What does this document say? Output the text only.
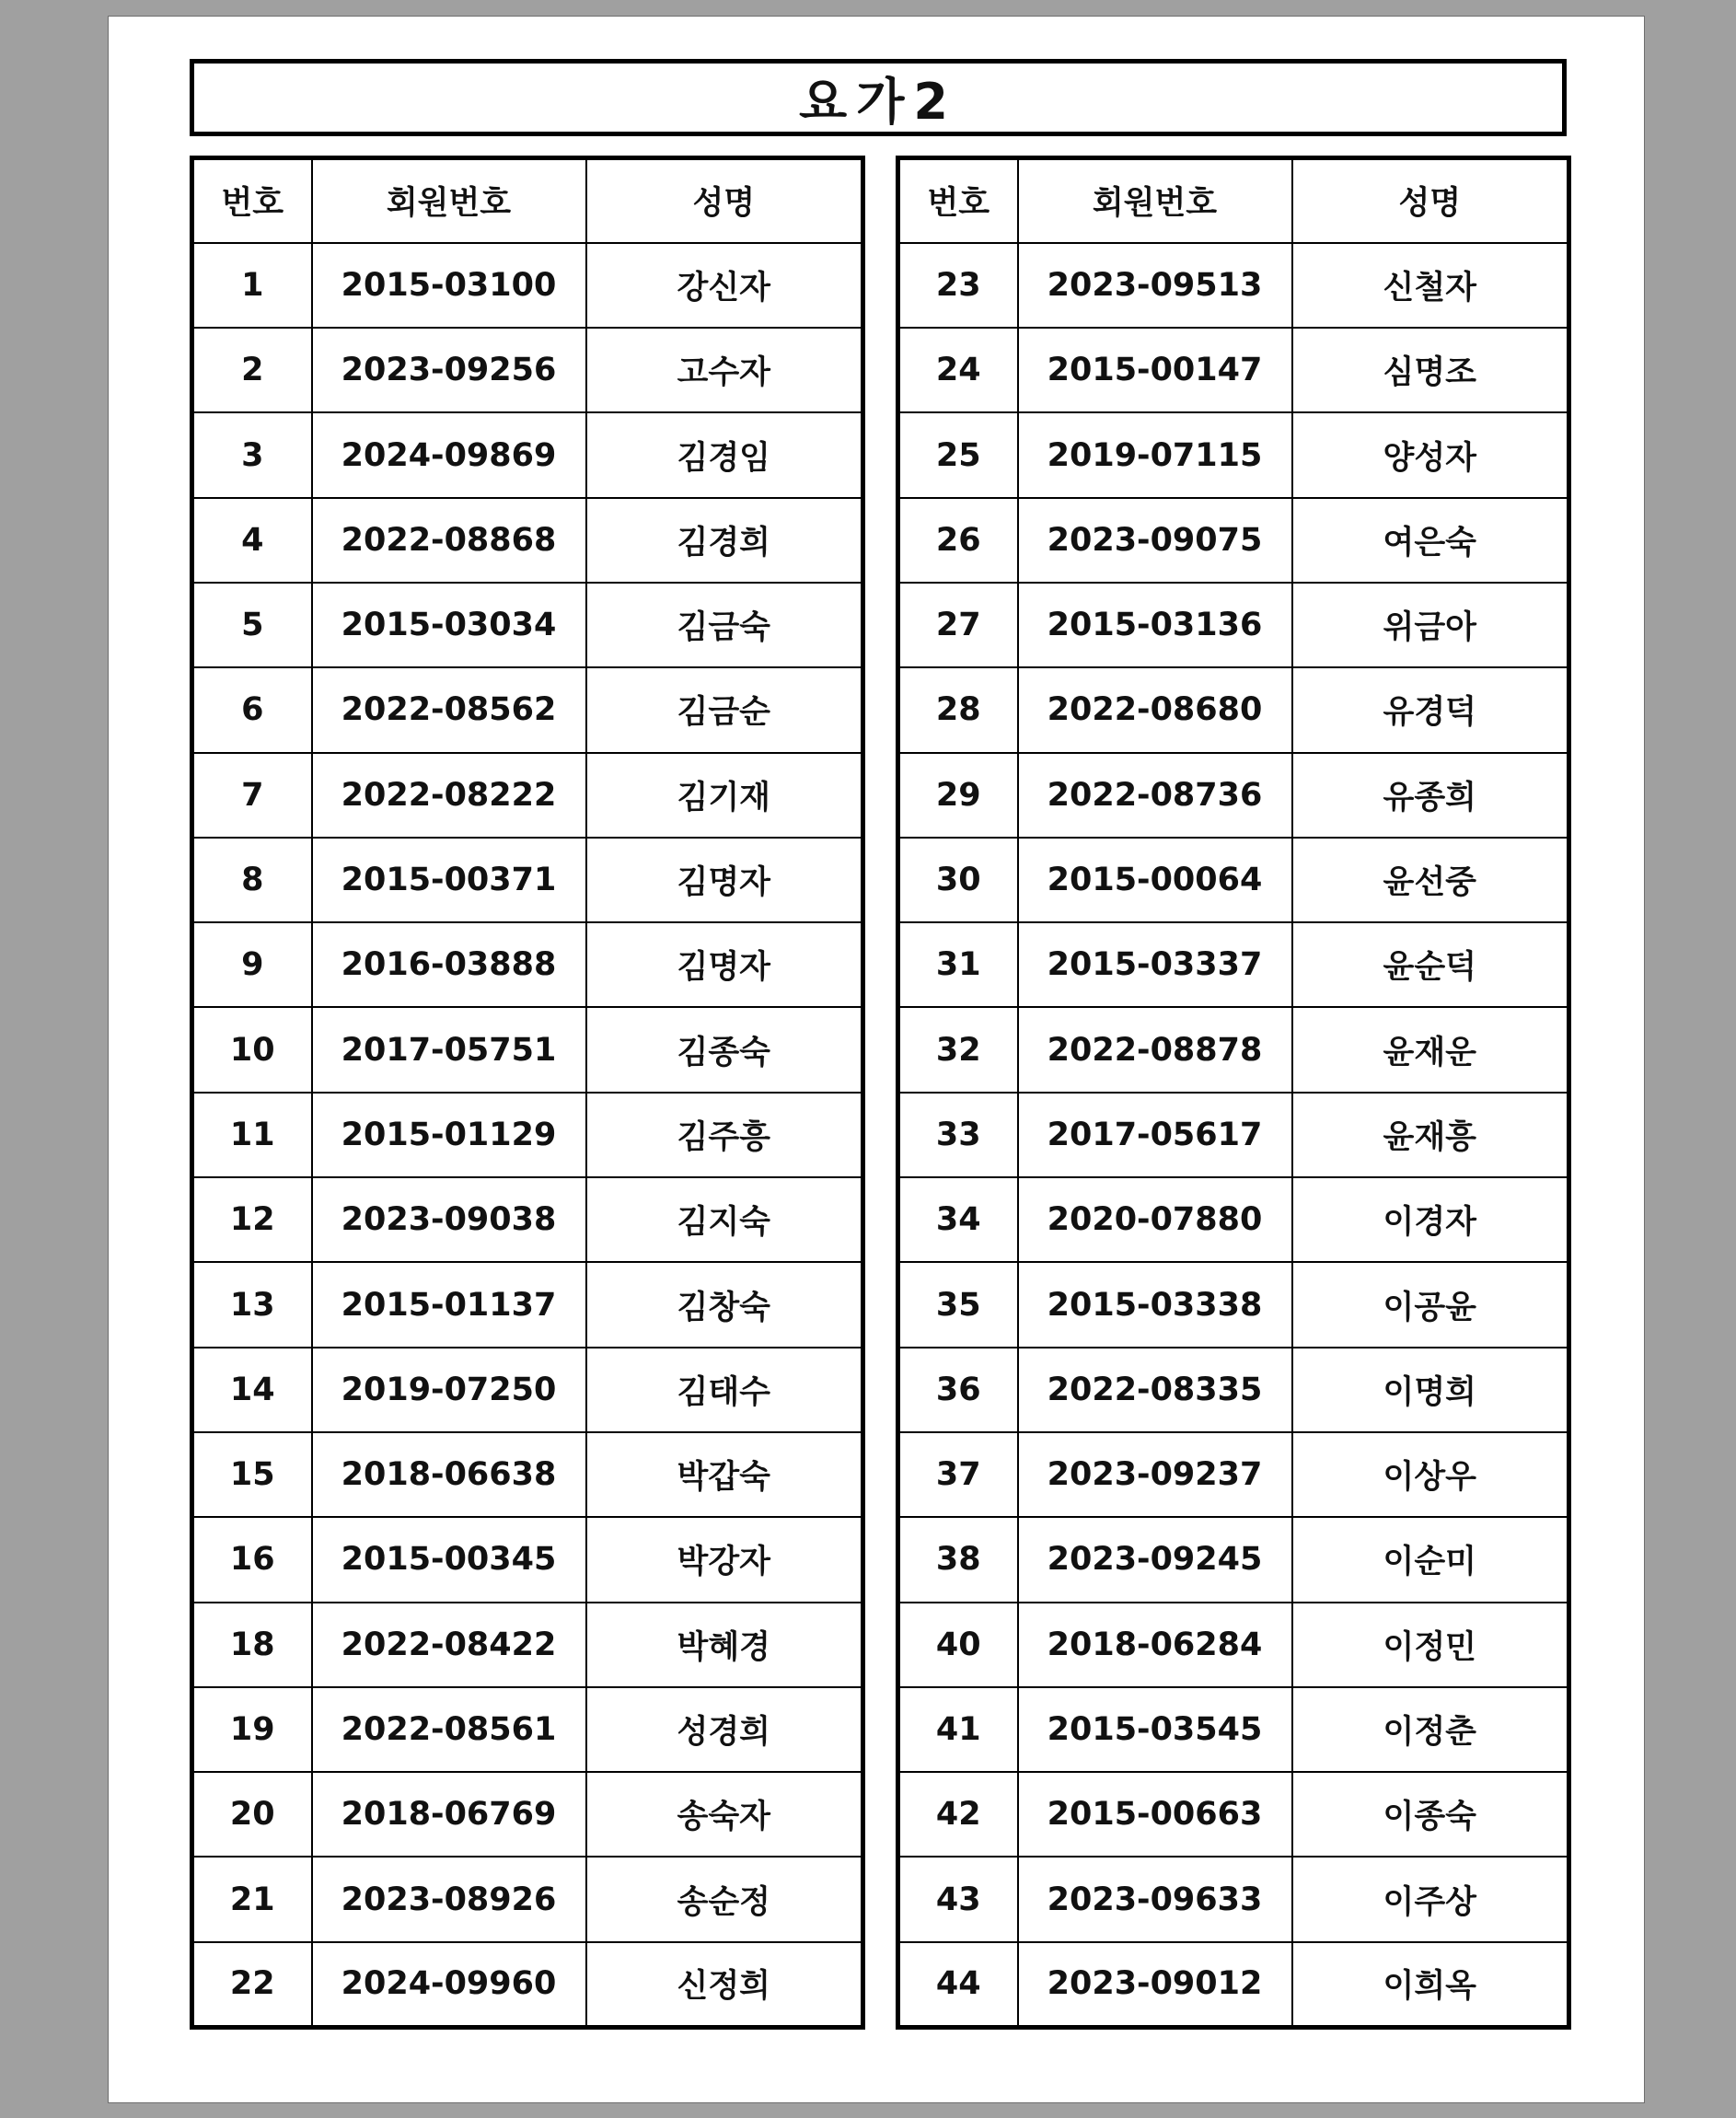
요가2
번호	회원번호	성명
1	2015-03100	강신자
2	2023-09256	고수자
3	2024-09869	김경임
4	2022-08868	김경희
5	2015-03034	김금숙
6	2022-08562	김금순
7	2022-08222	김기재
8	2015-00371	김명자
9	2016-03888	김명자
10	2017-05751	김종숙
11	2015-01129	김주흥
12	2023-09038	김지숙
13	2015-01137	김창숙
14	2019-07250	김태수
15	2018-06638	박갑숙
16	2015-00345	박강자
18	2022-08422	박혜경
19	2022-08561	성경희
20	2018-06769	송숙자
21	2023-08926	송순정
22	2024-09960	신정희
번호	회원번호	성명
23	2023-09513	신철자
24	2015-00147	심명조
25	2019-07115	양성자
26	2023-09075	여은숙
27	2015-03136	위금아
28	2022-08680	유경덕
29	2022-08736	유종희
30	2015-00064	윤선중
31	2015-03337	윤순덕
32	2022-08878	윤재운
33	2017-05617	윤재흥
34	2020-07880	이경자
35	2015-03338	이공윤
36	2022-08335	이명희
37	2023-09237	이상우
38	2023-09245	이순미
40	2018-06284	이정민
41	2015-03545	이정춘
42	2015-00663	이종숙
43	2023-09633	이주상
44	2023-09012	이희옥
